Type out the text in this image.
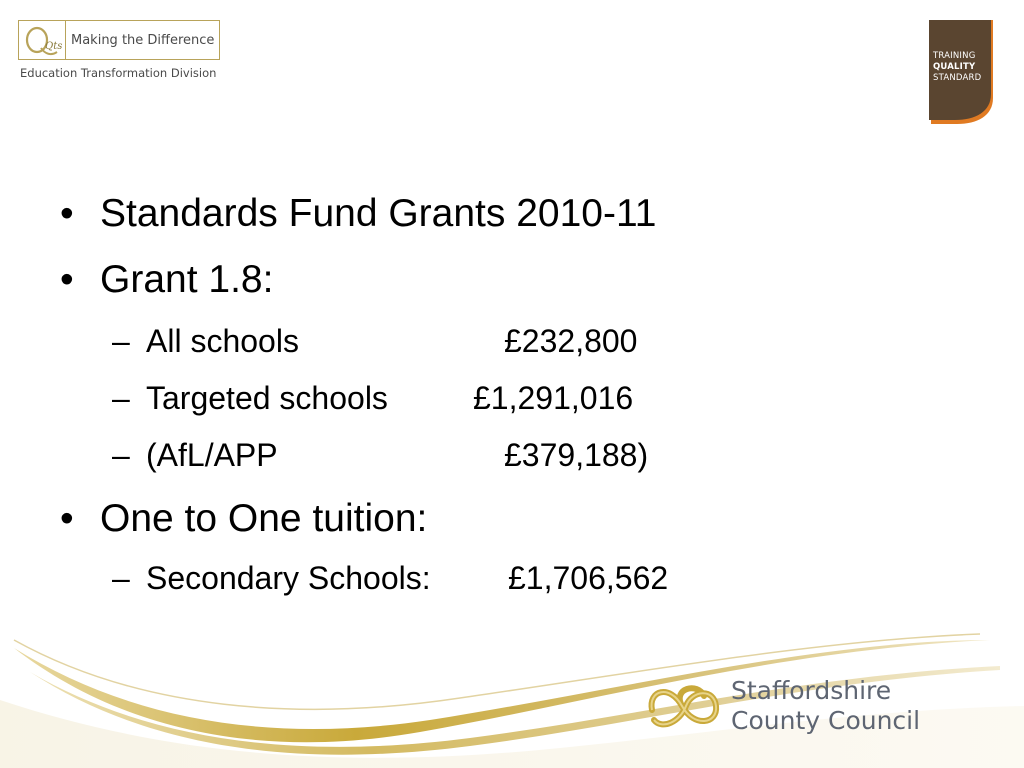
Qts Making the Difference
Education Transformation Division
TRAINING
QUALITY
STANDARD
• Standards Fund Grants 2010-11
• Grant 1.8:
– All schools	£232,800
– Targeted schools	£1,291,016
– (AfL/APP	£379,188)
• One to One tuition:
– Secondary Schools: £1,706,562
Staffordshire
County Council
